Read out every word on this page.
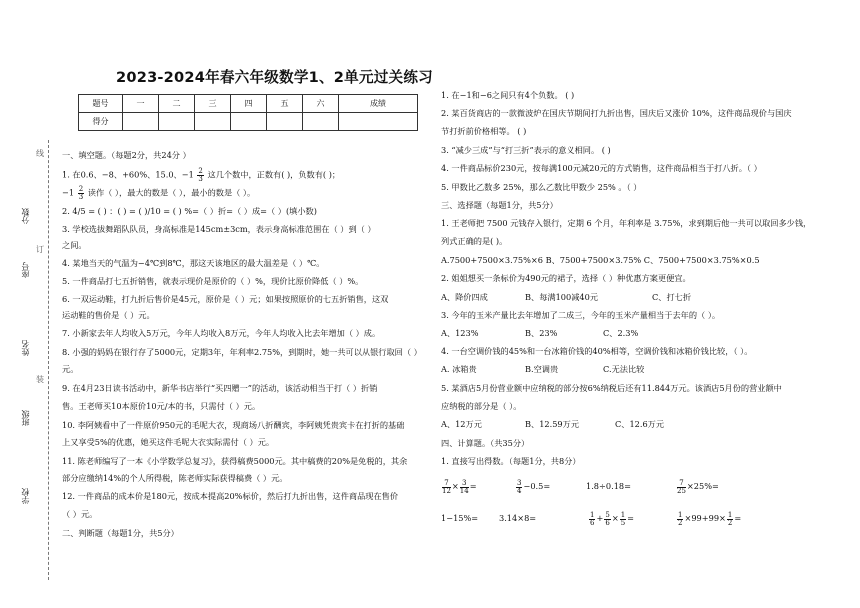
学校
班级
姓名
座号
分数
线
订
装
2023-2024年春六年级数学1、2单元过关练习
题号	一	二	三	四	五	六	成绩
得分							
一、填空题。（每题2分，共24分 ）
1. 在0.6、−8、+60%、15.0、$-1 \frac{2}{3}$ 这几个数中，正数有( )，负数有( )；
$-1 \frac{2}{3}$ 读作（ ），最大的数是（ ），最小的数是（ ）。
2. 4/5 = ( ) ：( ) = ( )/10 = ( ) %=（ ）折=（ ）成=（ ）(填小数)
3. 学校选拔舞蹈队队员，身高标准是145cm±3cm，表示身高标准范围在（ ）到（ ）
之间。
4. 某地当天的气温为−4℃到8℃，那这天该地区的最大温差是（ ）℃。
5. 一件商品打七五折销售，就表示现价是原价的（ ）%，现价比原价降低（ ）%。
6. 一双运动鞋，打九折后售价是45元，原价是（ ）元；如果按照原价的七五折销售，这双
运动鞋的售价是（ ）元。
7. 小新家去年人均收入5万元，今年人均收入8万元，今年人均收入比去年增加（ ）成。
8. 小强的妈妈在银行存了5000元，定期3年，年利率2.75%，到期时，她一共可以从银行取回（ ）
元。
9. 在4月23日读书活动中，新华书店举行“买四赠一”的活动，该活动相当于打（ ）折销
售。王老师买10本原价10元/本的书，只需付（ ）元。
10. 李阿姨看中了一件原价950元的毛呢大衣，现商场八折酬宾，李阿姨凭贵宾卡在打折的基础
上又享受5%的优惠，她买这件毛呢大衣实际需付（ ）元。
11. 陈老师编写了一本《小学数学总复习》，获得稿费5000元。其中稿费的20%是免税的，其余
部分应缴纳14%的个人所得税，陈老师实际获得稿费（ ）元。
12. 一件商品的成本价是180元，按成本提高20%标价，然后打九折出售，这件商品现在售价
（ ）元。
二、判断题（每题1分，共5分）
1. 在−1和−6之间只有4个负数。 ( )
2. 某百货商店的一款微波炉在国庆节期间打九折出售，国庆后又涨价 10%，这件商品现价与国庆
节打折前价格相等。 ( )
3. “减少三成”与“打三折”表示的意义相同。 ( )
4. 一件商品标价230元，按每满100元减20元的方式销售，这件商品相当于打八折。（ ）
5. 甲数比乙数多 25%，那么乙数比甲数少 25% 。（ ）
三、选择题（每题1分，共5分）
1. 王老师把 7500 元钱存入银行，定期 6 个月，年利率是 3.75%，求到期后他一共可以取回多少钱，
列式正确的是( )。
A.7500+7500×3.75%×6 B、7500+7500×3.75% C、7500+7500×3.75%×0.5
2. 姐姐想买一条标价为490元的裙子，选择（ ）种优惠方案更便宜。
A、降价四成	B、每满100减40元	C、打七折
3. 今年的玉米产量比去年增加了二成三，今年的玉米产量相当于去年的（ ）。
A、123%	B、23%	C、2.3%
4. 一台空调价钱的45%和一台冰箱价钱的40%相等，空调价钱和冰箱价钱比较，（ ）。
A. 冰箱贵	B.空调贵	C.无法比较
5. 某酒店5月份营业额中应纳税的部分按6%纳税后还有11.844万元。该酒店5月份的营业额中
应纳税的部分是（ ）。
A、12万元	B、12.59万元	C、12.6万元
四、计算题。（共35分）
1. 直接写出得数。（每题1分，共8分）
$\frac{7}{12} \times \frac{3}{14}$ =	$\frac{3}{4} -0.5=$	1.8÷0.18=	$\frac{7}{25} \times 25\%=$
1−15%=	3.14×8=	$\frac{1}{6} + \frac{5}{6} \times \frac{1}{5}$ =	$\frac{1}{2} \times 99+99\times \frac{1}{2}$ =
